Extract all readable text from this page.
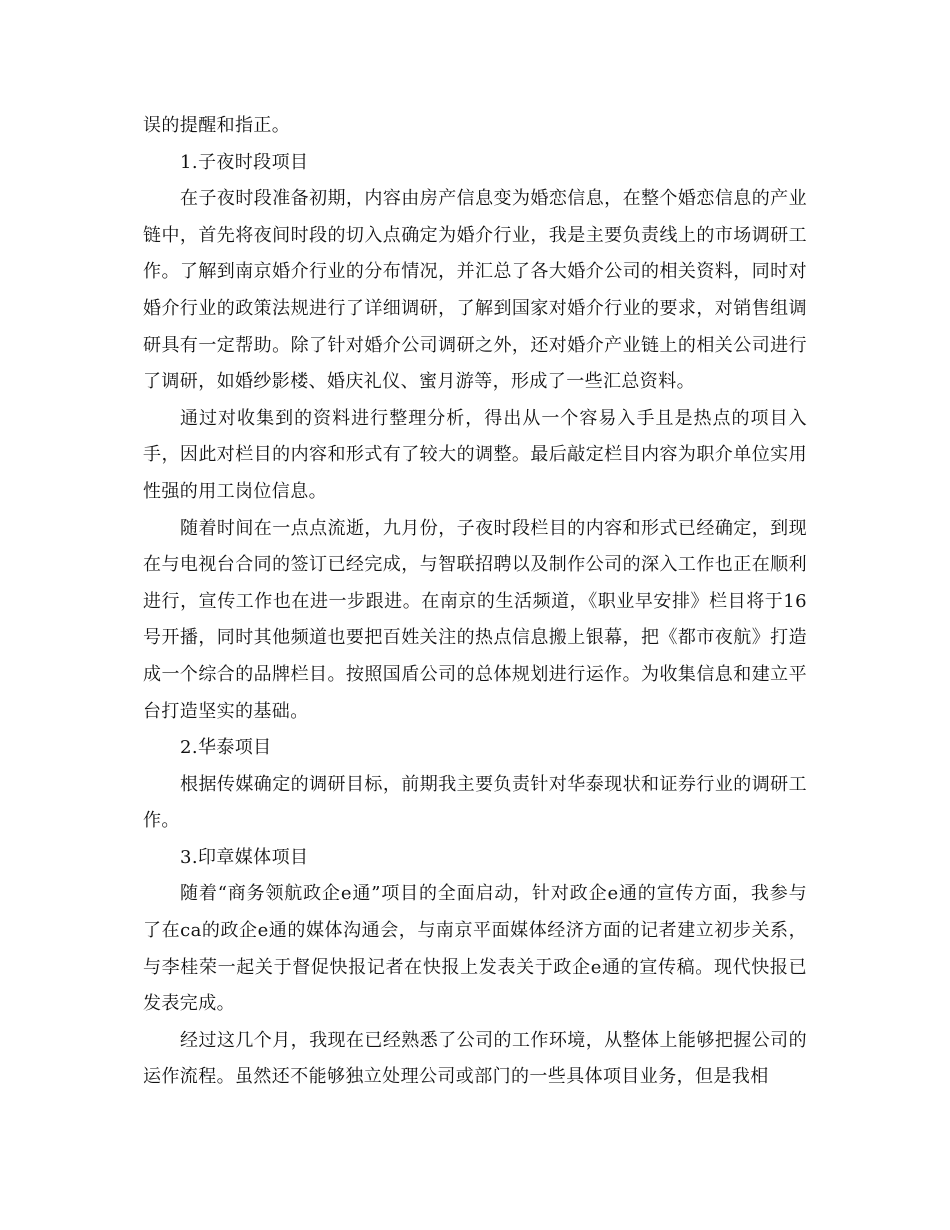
误的提醒和指正。

1.子夜时段项目

在子夜时段准备初期，内容由房产信息变为婚恋信息，在整个婚恋信息的产业链中，首先将夜间时段的切入点确定为婚介行业，我是主要负责线上的市场调研工作。了解到南京婚介行业的分布情况，并汇总了各大婚介公司的相关资料，同时对婚介行业的政策法规进行了详细调研，了解到国家对婚介行业的要求，对销售组调研具有一定帮助。除了针对婚介公司调研之外，还对婚介产业链上的相关公司进行了调研，如婚纱影楼、婚庆礼仪、蜜月游等，形成了一些汇总资料。

通过对收集到的资料进行整理分析，得出从一个容易入手且是热点的项目入手，因此对栏目的内容和形式有了较大的调整。最后敲定栏目内容为职介单位实用性强的用工岗位信息。

随着时间在一点点流逝，九月份，子夜时段栏目的内容和形式已经确定，到现在与电视台合同的签订已经完成，与智联招聘以及制作公司的深入工作也正在顺利进行，宣传工作也在进一步跟进。在南京的生活频道，《职业早安排》栏目将于16号开播，同时其他频道也要把百姓关注的热点信息搬上银幕，把《都市夜航》打造成一个综合的品牌栏目。按照国盾公司的总体规划进行运作。为收集信息和建立平台打造坚实的基础。

2.华泰项目

根据传媒确定的调研目标，前期我主要负责针对华泰现状和证券行业的调研工作。

3.印章媒体项目

随着“商务领航政企e通”项目的全面启动，针对政企e通的宣传方面，我参与了在ca的政企e通的媒体沟通会，与南京平面媒体经济方面的记者建立初步关系，与李桂荣一起关于督促快报记者在快报上发表关于政企e通的宣传稿。现代快报已发表完成。

经过这几个月，我现在已经熟悉了公司的工作环境，从整体上能够把握公司的运作流程。虽然还不能够独立处理公司或部门的一些具体项目业务，但是我相
